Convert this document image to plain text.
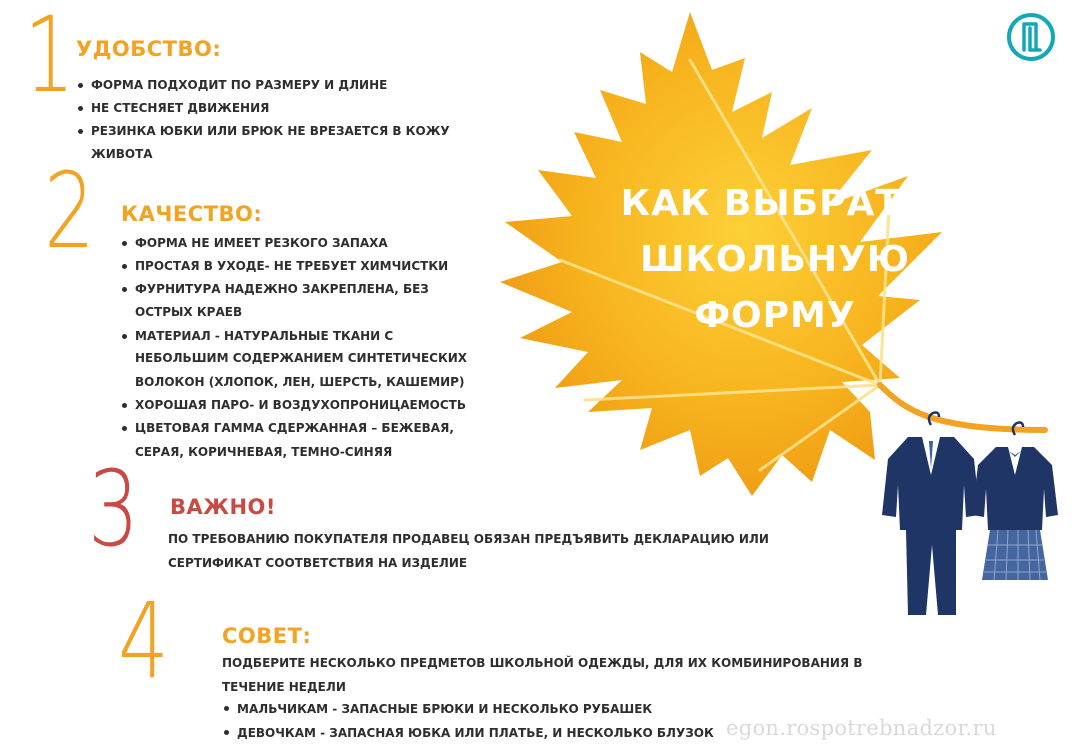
1 УДОБСТВО:
ФОРМА ПОДХОДИТ ПО РАЗМЕРУ И ДЛИНЕ
НЕ СТЕСНЯЕТ ДВИЖЕНИЯ
РЕЗИНКА ЮБКИ ИЛИ БРЮК НЕ ВРЕЗАЕТСЯ В КОЖУ
ЖИВОТА
2 КАЧЕСТВО:
ФОРМА НЕ ИМЕЕТ РЕЗКОГО ЗАПАХА
ПРОСТАЯ В УХОДЕ- НЕ ТРЕБУЕТ ХИМЧИСТКИ
ФУРНИТУРА НАДЕЖНО ЗАКРЕПЛЕНА, БЕЗ
ОСТРЫХ КРАЕВ
МАТЕРИАЛ - НАТУРАЛЬНЫЕ ТКАНИ С
НЕБОЛЬШИМ СОДЕРЖАНИЕМ СИНТЕТИЧЕСКИХ
ВОЛОКОН (ХЛОПОК, ЛЕН, ШЕРСТЬ, КАШЕМИР)
ХОРОШАЯ ПАРО- И ВОЗДУХОПРОНИЦАЕМОСТЬ
ЦВЕТОВАЯ ГАММА СДЕРЖАННАЯ – БЕЖЕВАЯ,
СЕРАЯ, КОРИЧНЕВАЯ, ТЕМНО-СИНЯЯ
КАК ВЫБРАТЬ
ШКОЛЬНУЮ
ФОРМУ
3 ВАЖНО!
ПО ТРЕБОВАНИЮ ПОКУПАТЕЛЯ ПРОДАВЕЦ ОБЯЗАН ПРЕДЪЯВИТЬ ДЕКЛАРАЦИЮ ИЛИ
СЕРТИФИКАТ СООТВЕТСТВИЯ НА ИЗДЕЛИЕ
4	СОВЕТ:
ПОДБЕРИТЕ НЕСКОЛЬКО ПРЕДМЕТОВ ШКОЛЬНОЙ ОДЕЖДЫ, ДЛЯ ИХ КОМБИНИРОВАНИЯ В
ТЕЧЕНИЕ НЕДЕЛИ
МАЛЬЧИКАМ - ЗАПАСНЫЕ БРЮКИ И НЕСКОЛЬКО РУБАШЕК
ДЕВОЧКАМ - ЗАПАСНАЯ ЮБКА ИЛИ ПЛАТЬЕ, И НЕСКОЛЬКО БЛУЗОК egon.rospotrebnadzor.ru
